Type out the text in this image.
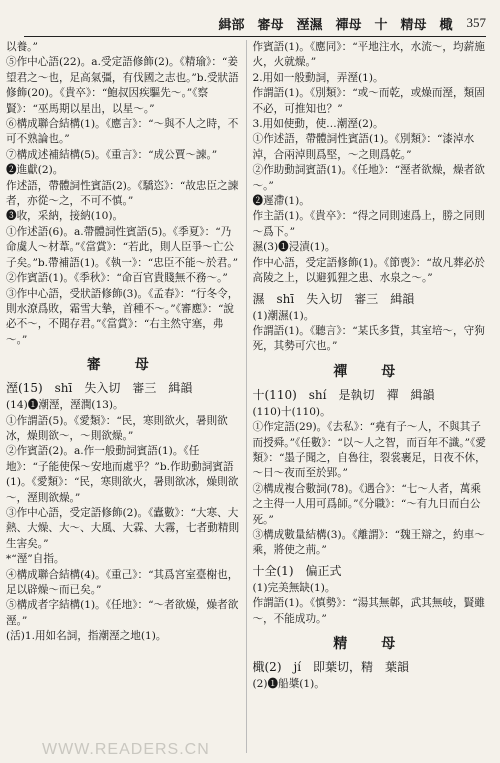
緝部　審母　溼濕　禪母　十　精母　檝 357

以養。”

⑤作中心語(22)。a.受定語修飾(2)。《精瑜》：“姜望君之～也，足高氣彊，有伐國之志也。”b.受狀語修飾(20)。《貴卒》：“鮑叔因疾驅先～。”《察賢》：“巫馬期以星出，以星～。”

⑥構成聯合結構(1)。《應言》：“～與不人之時，不可不熟論也。”

⑦構成述補結構(5)。《重言》：“成公賈～諫。”

❷進獻(2)。

作述語，帶體詞性賓語(2)。《驕恣》：“故忠臣之諫者，亦從～之，不可不慎。”

❸收，采納，接納(10)。

①作述語(6)。a.帶體詞性賓語(5)。《季夏》：“乃命虞人～材葦。”《當賞》：“若此，則人臣爭～亡公子矣。”b.帶補語(1)。《執一》：“忠臣不能～於君。”

②作賓語(1)。《季秋》：“命百官貴賤無不務～。”

③作中心語，受狀語修飾(3)。《孟春》：“行冬令，則水潦爲敗，霜雪大摯，首種不～。”《審應》：“說必不～，不聞存君。”《當賞》：“右主然守塞，弗～。”

審　母
溼(15)　shī　失入切　審三　緝韻

(14)❶潮溼，溼潤(13)。

①作謂語(5)。《愛類》：“民，寒則欲火，暑則欲冰，燥則欲～，～則欲燥。”

②作賓語(2)。a.作一般動詞賓語(1)。《任地》：“子能使保～安地而處乎？”b.作助動詞賓語(1)。《愛類》：“民，寒則欲火，暑則欲冰，燥則欲～，溼則欲燥。”

③作中心語，受定語修飾(2)。《蠹數》：“大寒、大熱、大燥、大～、大風、大霖、大霧，七者動精則生害矣。”

*“溼”自指。

④構成聯合結構(4)。《重己》：“其爲宮室臺榭也，足以辟燥～而已矣。”

⑤構成者字結構(1)。《任地》：“～者欲燥，燥者欲溼。”

(活)1.用如名詞，指潮溼之地(1)。

作賓語(1)。《應同》：“平地注水，水流～，均薪施火，火就燥。”

2.用如一般動詞，弄溼(1)。

作謂語(1)。《別類》：“或～而乾，或燥而溼，類固不必，可推知也？”

3.用如使動，使…潮溼(2)。

①作述語，帶體詞性賓語(1)。《別類》：“漆淖水淖，合兩淖則爲堅，～之則爲乾。”

②作助動詞賓語(1)。《任地》：“溼者欲燥，燥者欲～。”

❷遲滯(1)。

作主語(1)。《貴卒》：“得之同則速爲上，勝之同則～爲下。”

濕(3)❶浸漬(1)。

作中心語，受定語修飾(1)。《節喪》：“故凡葬必於高陵之上，以避狐狸之患、水泉之～。”

濕　shī　失入切　審三　緝韻

(1)潮濕(1)。

作謂語(1)。《聽言》：“某氏多貨，其室培～，守狗死，其勢可穴也。”

禪　母
十(110)　shí　是執切　禪　緝韻

(110)十(110)。

①作定語(29)。《去私》：“堯有子～人，不與其子而授舜。”《任數》：“以～人之智，而百年不識。”《愛類》：“墨子聞之，自魯往，裂裳裹足，日夜不休，～日～夜而至於郢。”

②構成複合數詞(78)。《遇合》：“七～人者，萬乘之主得一人用可爲師。”《分職》：“～有九日而白公死。”

③構成數量結構(3)。《離謂》：“魏王辯之，約車～乘，將使之荊。”

十全(1)　偏正式

(1)完美無缺(1)。

作謂語(1)。《慎勢》：“湯其無郼，武其無岐，賢雖～，不能成功。”

精　母
檝(2)　jí　即葉切，精　葉韻

(2)❶船槳(1)。

WWW.READERS.CN
